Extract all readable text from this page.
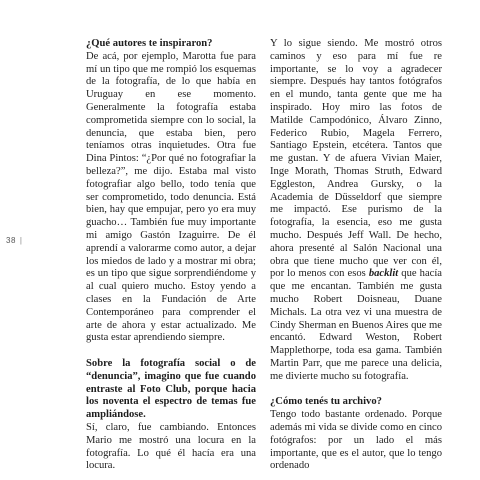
38 |

¿Qué autores te inspiraron?

De acá, por ejemplo, Marotta fue para mí un tipo que me rompió los esquemas de la fotografía, de lo que había en Uruguay en ese momento. Generalmente la fotografía estaba comprometida siempre con lo social, la denuncia, que estaba bien, pero teníamos otras inquietudes. Otra fue Dina Pintos: “¿Por qué no fotografiar la belleza?”, me dijo. Estaba mal visto fotografiar algo bello, todo tenía que ser comprometido, todo denuncia. Está bien, hay que empujar, pero yo era muy guacho… También fue muy importante mi amigo Gastón Izaguirre. De él aprendí a valorarme como autor, a dejar los miedos de lado y a mostrar mi obra; es un tipo que sigue sorprendiéndome y al cual quiero mucho. Estoy yendo a clases en la Fundación de Arte Contemporáneo para comprender el arte de ahora y estar actualizado. Me gusta estar aprendiendo siempre.

Sobre la fotografía social o de “denuncia”, imagino que fue cuando entraste al Foto Club, porque hacia los noventa el espectro de temas fue ampliándose.

Sí, claro, fue cambiando. Entonces Mario me mostró una locura en la fotografía. Lo qué él hacía era una locura.

Y lo sigue siendo. Me mostró otros caminos y eso para mí fue re importante, se lo voy a agradecer siempre. Después hay tantos fotógrafos en el mundo, tanta gente que me ha inspirado. Hoy miro las fotos de Matilde Campodónico, Álvaro Zinno, Federico Rubio, Magela Ferrero, Santiago Epstein, etcétera. Tantos que me gustan. Y de afuera Vivian Maier, Inge Morath, Thomas Struth, Edward Eggleston, Andrea Gursky, o la Academia de Düsseldorf que siempre me impactó. Ese purismo de la fotografía, la esencia, eso me gusta mucho. Después Jeff Wall. De hecho, ahora presenté al Salón Nacional una obra que tiene mucho que ver con él, por lo menos con esos backlit que hacía que me encantan. También me gusta mucho Robert Doisneau, Duane Michals. La otra vez vi una muestra de Cindy Sherman en Buenos Aires que me encantó. Edward Weston, Robert Mapplethorpe, toda esa gama. También Martin Parr, que me parece una delicia, me divierte mucho su fotografía.

¿Cómo tenés tu archivo?

Tengo todo bastante ordenado. Porque además mi vida se divide como en cinco fotógrafos: por un lado el más importante, que es el autor, que lo tengo ordenado
